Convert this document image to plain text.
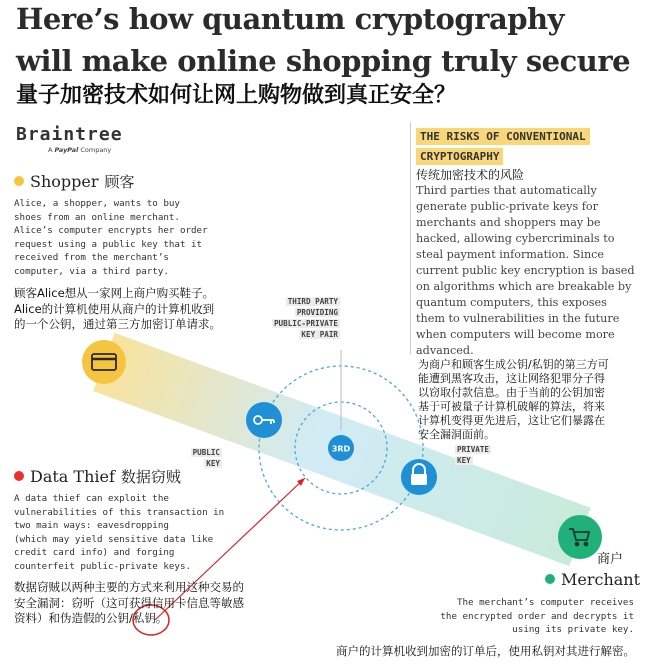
Here’s how quantum cryptography
will make online shopping truly secure
量子加密技术如何让网上购物做到真正安全？
Braintree
A PayPal Company
3RD
THIRD PARTY
PROVIDING
PUBLIC-PRIVATE
KEY PAIR
PUBLIC
KEY
PRIVATE
KEY
Shopper 顾客
Alice, a shopper, wants to buy
shoes from an online merchant.
Alice’s computer encrypts her order
request using a public key that it
received from the merchant’s
computer, via a third party.
顾客Alice想从一家网上商户购买鞋子。
Alice的计算机使用从商户的计算机收到
的一个公钥，通过第三方加密订单请求。
THE RISKS OF CONVENTIONAL
CRYPTOGRAPHY
传统加密技术的风险
Third parties that automatically
generate public-private keys for
merchants and shoppers may be
hacked, allowing cybercriminals to
steal payment information. Since
current public key encryption is based
on algorithms which are breakable by
quantum computers, this exposes
them to vulnerabilities in the future
when computers will become more
advanced.
为商户和顾客生成公钥/私钥的第三方可
能遭到黑客攻击，这让网络犯罪分子得
以窃取付款信息。由于当前的公钥加密
基于可被量子计算机破解的算法，将来
计算机变得更先进后，这让它们暴露在
安全漏洞面前。
Data Thief 数据窃贼
A data thief can exploit the
vulnerabilities of this transaction in
two main ways: eavesdropping
(which may yield sensitive data like
credit card info) and forging
counterfeit public-private keys.
数据窃贼以两种主要的方式来利用这种交易的
安全漏洞：窃听（这可获得信用卡信息等敏感
资料）和伪造假的公钥/私钥。
商户
Merchant
The merchant’s computer receives
the encrypted order and decrypts it
using its private key.
商户的计算机收到加密的订单后，使用私钥对其进行解密。
